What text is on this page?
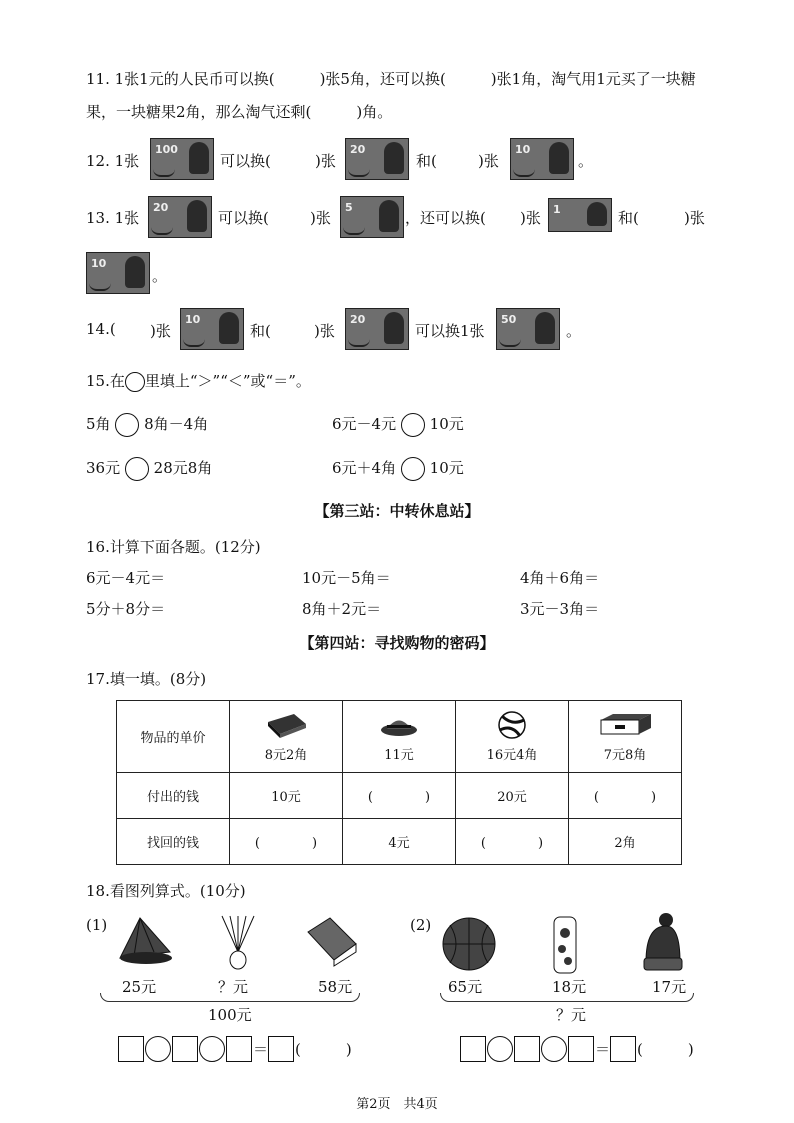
11. 1张1元的人民币可以换(　　　)张5角，还可以换(　　　)张1角，淘气用1元买了一块糖
果，一块糖果2角，那么淘气还剩(　　　)角。
12. 1张
100
可以换(	)张
20
和(	)张
10
。
13. 1张
20
可以换(	)张
5
，还可以换( )张 1	和(	)张
10
。
14.( )张
10
和(	)张
20
可以换1张
50
。
15.在 里填上“＞”“＜”或“＝”。
5角 8角－4角	6元－4元 10元
36元 28元8角	6元＋4角 10元
【第三站：中转休息站】
16.计算下面各题。(12分)
6元－4元＝	10元－5角＝	4角＋6角＝
5分＋8分＝	8角＋2元＝	3元－3角＝
【第四站：寻找购物的密码】
17.填一填。(8分)
物品的单价	8元2角	11元	16元4角	7元8角
付出的钱	10元	(　　　　)	20元	(　　　　)
找回的钱	(　　　　)	4元	(　　　　)	2角
18.看图列算式。(10分)
(1)
25元	？元	58元
100元
＝ (　　　)
(2)
65元	18元	17元
？元
＝ (　　　)
第2页　共4页
